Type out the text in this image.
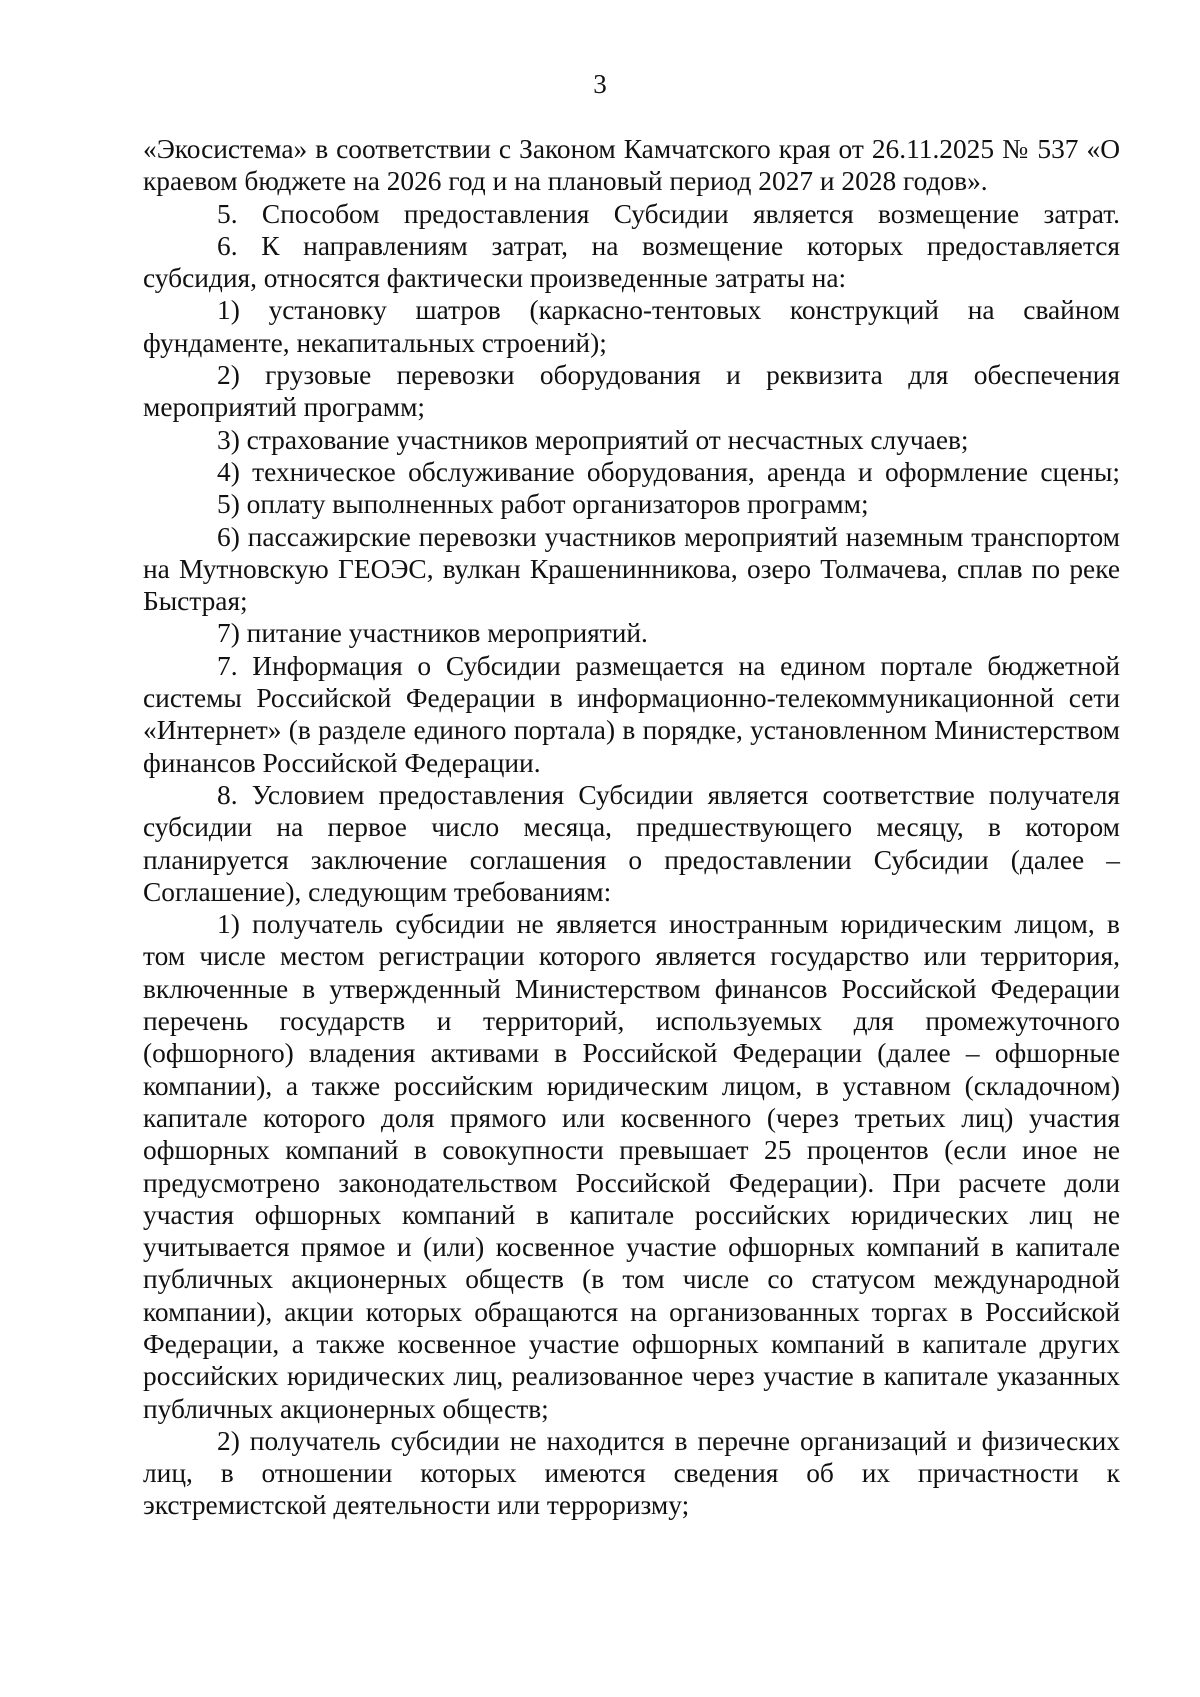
3

«Экосистема» в соответствии с Законом Камчатского края от 26.11.2025 № 537 «О краевом бюджете на 2026 год и на плановый период 2027 и 2028 годов».

5. Способом предоставления Субсидии является возмещение затрат.

6. К направлениям затрат, на возмещение которых предоставляется субсидия, относятся фактически произведенные затраты на:

1) установку шатров (каркасно-тентовых конструкций на свайном фундаменте, некапитальных строений);

2) грузовые перевозки оборудования и реквизита для обеспечения мероприятий программ;

3) страхование участников мероприятий от несчастных случаев;

4) техническое обслуживание оборудования, аренда и оформление сцены;

5) оплату выполненных работ организаторов программ;

6) пассажирские перевозки участников мероприятий наземным транспортом на Мутновскую ГЕОЭС, вулкан Крашенинникова, озеро Толмачева, сплав по реке Быстрая;

7) питание участников мероприятий.

7. Информация о Субсидии размещается на едином портале бюджетной системы Российской Федерации в информационно-телекоммуникационной сети «Интернет» (в разделе единого портала) в порядке, установленном Министерством финансов Российской Федерации.

8. Условием предоставления Субсидии является соответствие получателя субсидии на первое число месяца, предшествующего месяцу, в котором планируется заключение соглашения о предоставлении Субсидии (далее – Соглашение), следующим требованиям:

1) получатель субсидии не является иностранным юридическим лицом, в том числе местом регистрации которого является государство или территория, включенные в утвержденный Министерством финансов Российской Федерации перечень государств и территорий, используемых для промежуточного (офшорного) владения активами в Российской Федерации (далее – офшорные компании), а также российским юридическим лицом, в уставном (складочном) капитале которого доля прямого или косвенного (через третьих лиц) участия офшорных компаний в совокупности превышает 25 процентов (если иное не предусмотрено законодательством Российской Федерации). При расчете доли участия офшорных компаний в капитале российских юридических лиц не учитывается прямое и (или) косвенное участие офшорных компаний в капитале публичных акционерных обществ (в том числе со статусом международной компании), акции которых обращаются на организованных торгах в Российской Федерации, а также косвенное участие офшорных компаний в капитале других российских юридических лиц, реализованное через участие в капитале указанных публичных акционерных обществ;

2) получатель субсидии не находится в перечне организаций и физических лиц, в отношении которых имеются сведения об их причастности к экстремистской деятельности или терроризму;
